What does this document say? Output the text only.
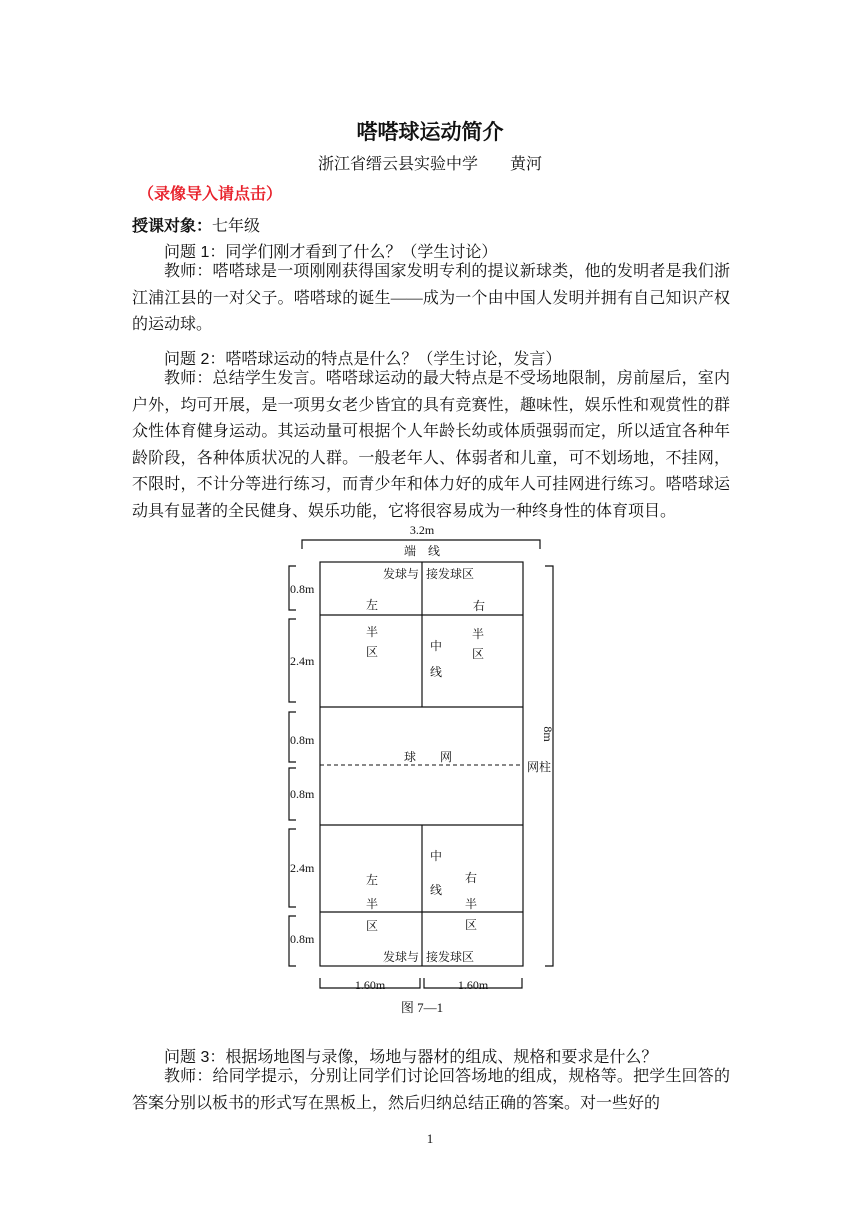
嗒嗒球运动简介
浙江省缙云县实验中学　　黄河
（录像导入请点击）
授课对象：七年级
问题 1：同学们刚才看到了什么？（学生讨论）
教师：嗒嗒球是一项刚刚获得国家发明专利的提议新球类，他的发明者是我们浙江浦江县的一对父子。嗒嗒球的诞生——成为一个由中国人发明并拥有自己知识产权的运动球。
问题 2：嗒嗒球运动的特点是什么？（学生讨论，发言）
教师：总结学生发言。嗒嗒球运动的最大特点是不受场地限制，房前屋后，室内户外，均可开展，是一项男女老少皆宜的具有竞赛性，趣味性，娱乐性和观赏性的群众性体育健身运动。其运动量可根据个人年龄长幼或体质强弱而定，所以适宜各种年龄阶段，各种体质状况的人群。一般老年人、体弱者和儿童，可不划场地，不挂网，不限时，不计分等进行练习，而青少年和体力好的成年人可挂网进行练习。嗒嗒球运动具有显著的全民健身、娱乐功能，它将很容易成为一种终身性的体育项目。
3.2m
端　线
发球与 接发球区
左	右
半
区	中
线
半
区
球　　网
网柱
8m
0.8m
2.4m
0.8m
0.8m
2.4m
0.8m
中
线
左
半
区
右
半
区
发球与 接发球区
1.60m	1.60m
图 7—1
问题 3：根据场地图与录像，场地与器材的组成、规格和要求是什么？
教师：给同学提示，分别让同学们讨论回答场地的组成，规格等。把学生回答的答案分别以板书的形式写在黑板上，然后归纳总结正确的答案。对一些好的
1
